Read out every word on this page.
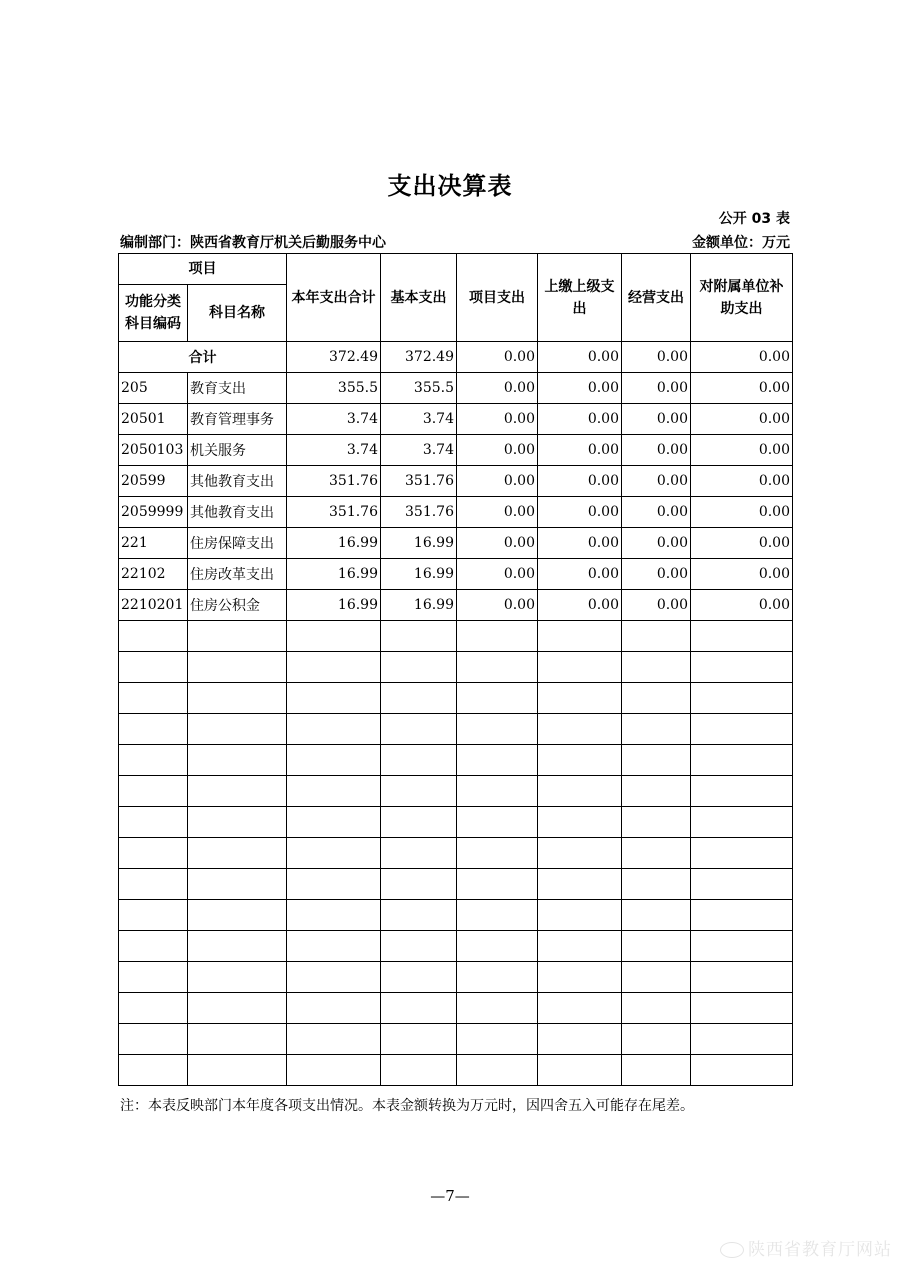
支出决算表
公开 03 表
编制部门：陕西省教育厅机关后勤服务中心	金额单位：万元
项目		本年支出合计	基本支出	项目支出	上缴上级支出	经营支出	对附属单位补助支出
功能分类科目编码	科目名称						
合计		372.49	372.49	0.00	0.00	0.00	0.00
205	教育支出	355.5	355.5	0.00	0.00	0.00	0.00
20501	教育管理事务	3.74	3.74	0.00	0.00	0.00	0.00
2050103	机关服务	3.74	3.74	0.00	0.00	0.00	0.00
20599	其他教育支出	351.76	351.76	0.00	0.00	0.00	0.00
2059999	其他教育支出	351.76	351.76	0.00	0.00	0.00	0.00
221	住房保障支出	16.99	16.99	0.00	0.00	0.00	0.00
22102	住房改革支出	16.99	16.99	0.00	0.00	0.00	0.00
2210201	住房公积金	16.99	16.99	0.00	0.00	0.00	0.00

注：本表反映部门本年度各项支出情况。本表金额转换为万元时，因四舍五入可能存在尾差。
—7—
陕西省教育厅网站
